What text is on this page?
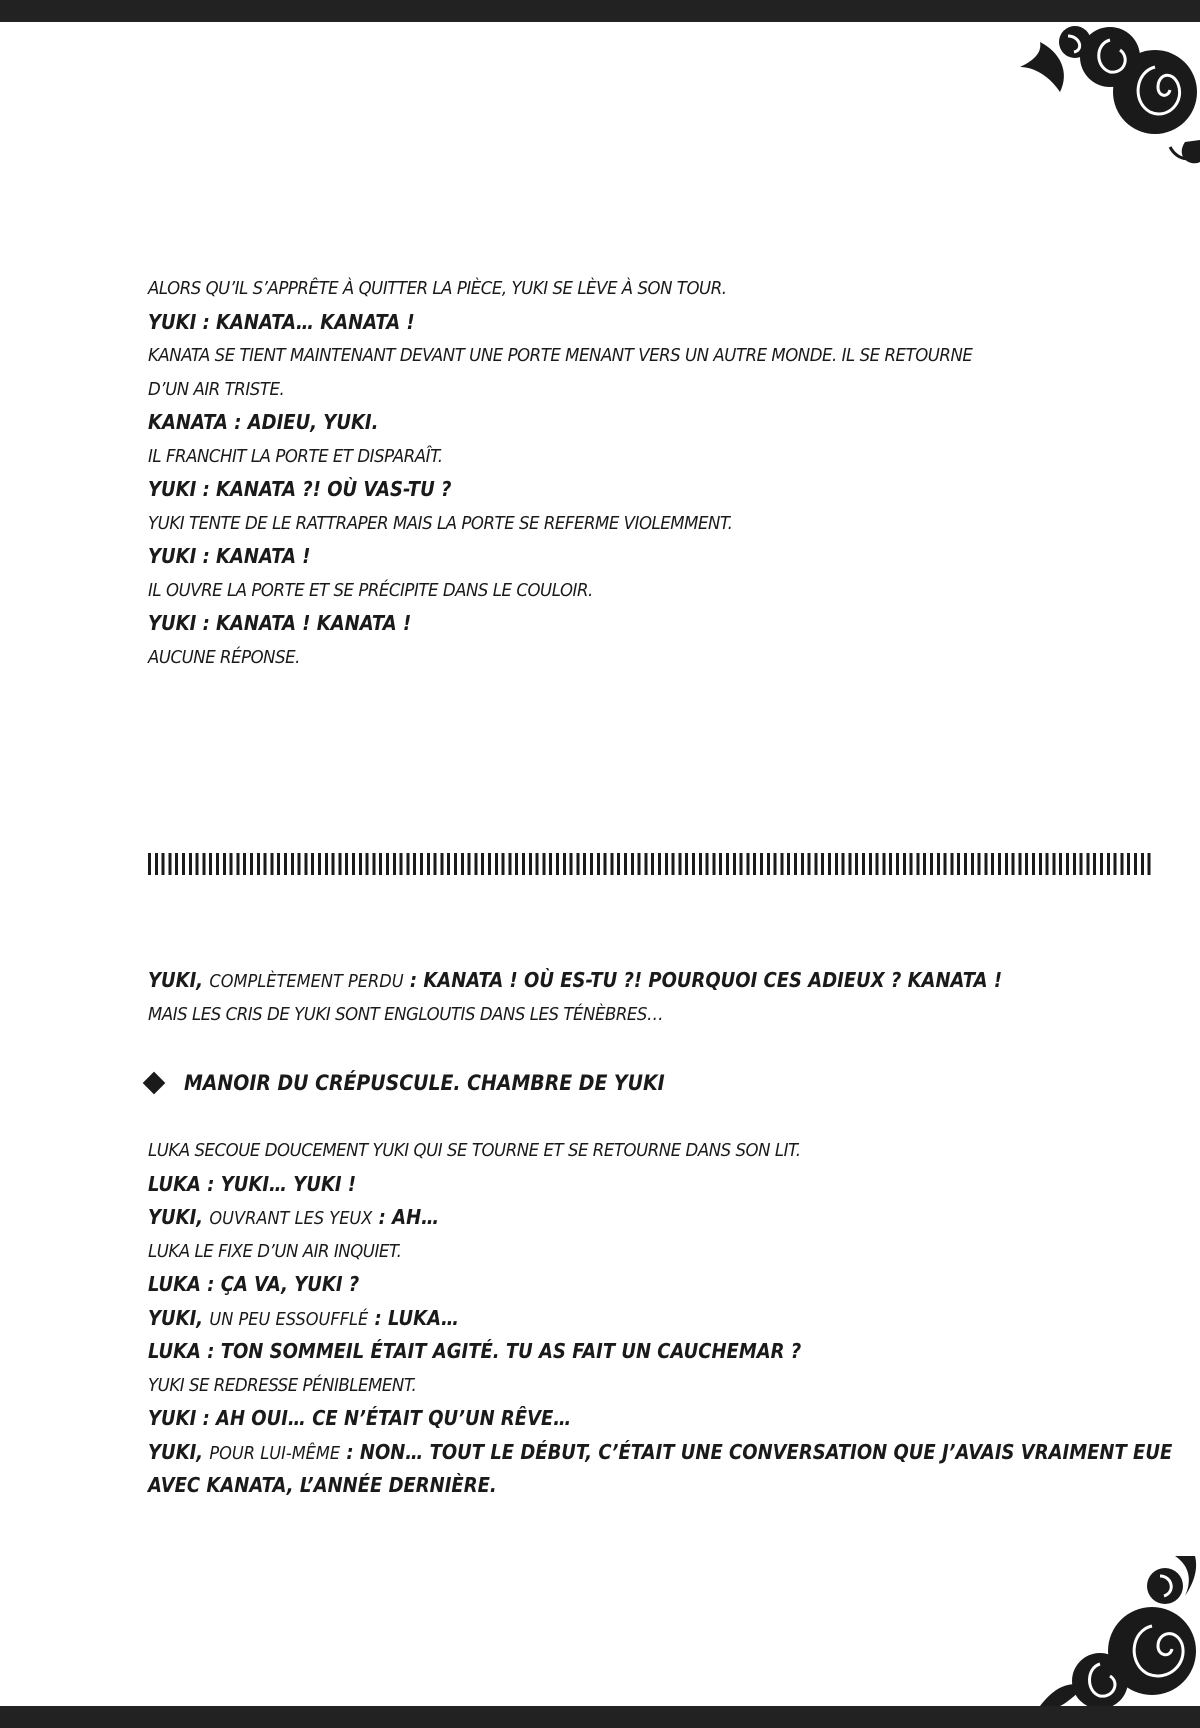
ALORS QU’IL S’APPRÊTE À QUITTER LA PIÈCE, YUKI SE LÈVE À SON TOUR.
YUKI : KANATA… KANATA !
KANATA SE TIENT MAINTENANT DEVANT UNE PORTE MENANT VERS UN AUTRE MONDE. IL SE RETOURNE
D’UN AIR TRISTE.
KANATA : ADIEU, YUKI.
IL FRANCHIT LA PORTE ET DISPARAÎT.
YUKI : KANATA ?! OÙ VAS-TU ?
YUKI TENTE DE LE RATTRAPER MAIS LA PORTE SE REFERME VIOLEMMENT.
YUKI : KANATA !
IL OUVRE LA PORTE ET SE PRÉCIPITE DANS LE COULOIR.
YUKI : KANATA ! KANATA !
AUCUNE RÉPONSE.
YUKI, COMPLÈTEMENT PERDU : KANATA ! OÙ ES-TU ?! POURQUOI CES ADIEUX ? KANATA !
MAIS LES CRIS DE YUKI SONT ENGLOUTIS DANS LES TÉNÈBRES…
MANOIR DU CRÉPUSCULE. CHAMBRE DE YUKI
LUKA SECOUE DOUCEMENT YUKI QUI SE TOURNE ET SE RETOURNE DANS SON LIT.
LUKA : YUKI… YUKI !
YUKI, OUVRANT LES YEUX : AH…
LUKA LE FIXE D’UN AIR INQUIET.
LUKA : ÇA VA, YUKI ?
YUKI, UN PEU ESSOUFFLÉ : LUKA…
LUKA : TON SOMMEIL ÉTAIT AGITÉ. TU AS FAIT UN CAUCHEMAR ?
YUKI SE REDRESSE PÉNIBLEMENT.
YUKI : AH OUI… CE N’ÉTAIT QU’UN RÊVE…
YUKI, POUR LUI-MÊME : NON… TOUT LE DÉBUT, C’ÉTAIT UNE CONVERSATION QUE J’AVAIS VRAIMENT EUE
AVEC KANATA, L’ANNÉE DERNIÈRE.
